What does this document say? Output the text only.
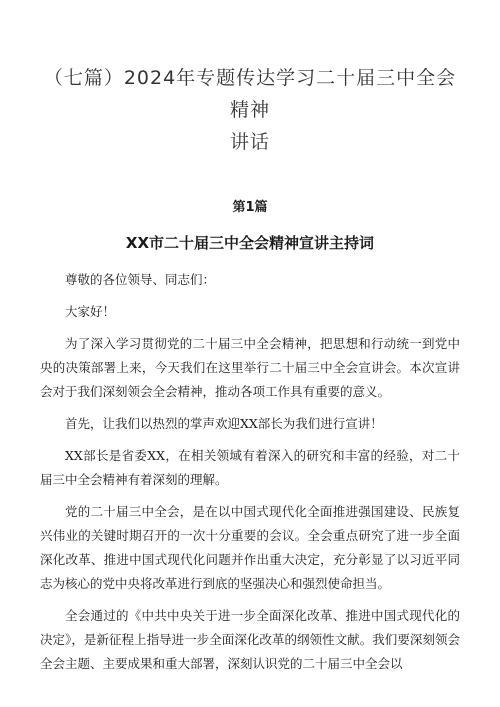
（七篇）2024年专题传达学习二十届三中全会精神
讲话
第1篇
XX市二十届三中全会精神宣讲主持词

尊敬的各位领导、同志们：

大家好！

为了深入学习贯彻党的二十届三中全会精神，把思想和行动统一到党中央的决策部署上来，今天我们在这里举行二十届三中全会宣讲会。本次宣讲会对于我们深刻领会全会精神，推动各项工作具有重要的意义。

首先，让我们以热烈的掌声欢迎XX部长为我们进行宣讲！

XX部长是省委XX，在相关领域有着深入的研究和丰富的经验，对二十届三中全会精神有着深刻的理解。

党的二十届三中全会，是在以中国式现代化全面推进强国建设、民族复兴伟业的关键时期召开的一次十分重要的会议。全会重点研究了进一步全面深化改革、推进中国式现代化问题并作出重大决定，充分彰显了以习近平同志为核心的党中央将改革进行到底的坚强决心和强烈使命担当。

全会通过的《中共中央关于进一步全面深化改革、推进中国式现代化的决定》，是新征程上指导进一步全面深化改革的纲领性文献。我们要深刻领会全会主题、主要成果和重大部署，深刻认识党的二十届三中全会以
